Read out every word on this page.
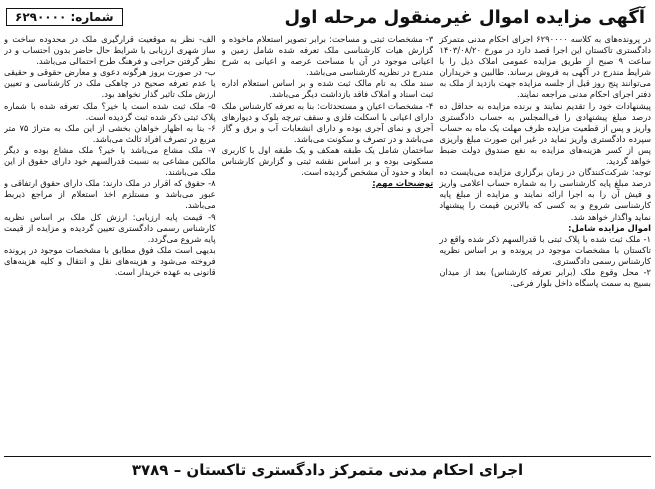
آگهی مزایده اموال غیرمنقول مرحله اول
شماره: ۶۲۹۰۰۰۰

در پرونده‌های به کلاسه ۶۲۹۰۰۰۰ اجرای احکام مدنی متمرکز دادگستری تاکستان این اجرا قصد دارد در مورخ ۱۴۰۳/۰۸/۲۰ ساعت ۹ صبح از طریق مزایده عمومی املاک ذیل را با شرایط مندرج در آگهی به فروش برساند. طالبین و خریداران می‌توانند پنج روز قبل از جلسه مزایده جهت بازدید از ملک به دفتر اجرای احکام مدنی مراجعه نمایند.

پیشنهادات خود را تقدیم نمایند و برنده مزایده به حداقل ده درصد مبلغ پیشنهادی را فی‌المجلس به حساب دادگستری واریز و پس از قطعیت مزایده ظرف مهلت یک ماه به حساب سپرده دادگستری واریز نماید در غیر این صورت مبلغ واریزی پس از کسر هزینه‌های مزایده به نفع صندوق دولت ضبط خواهد گردید.

توجه: شرکت‌کنندگان در زمان برگزاری مزایده می‌بایست ده درصد مبلغ پایه کارشناسی را به شماره حساب اعلامی واریز و فیش آن را به اجرا ارائه نمایند و مزایده از مبلغ پایه کارشناسی شروع و به کسی که بالاترین قیمت را پیشنهاد نماید واگذار خواهد شد.

اموال مزایده شامل:

۱- ملک ثبت شده با پلاک ثبتی با قدرالسهم ذکر شده واقع در تاکستان با مشخصات موجود در پرونده و بر اساس نظریه کارشناس رسمی دادگستری.

۲- محل وقوع ملک (برابر تعرفه کارشناس) بعد از میدان بسیج به سمت پاسگاه داخل بلوار فرعی.

۳- مشخصات ثبتی و مساحت: برابر تصویر استعلام ماخوذه و گزارش هیات کارشناسی ملک تعرفه شده شامل زمین و اعیانی موجود در آن با مساحت عرصه و اعیانی به شرح مندرج در نظریه کارشناسی می‌باشد.

سند ملک به نام مالک ثبت شده و بر اساس استعلام اداره ثبت اسناد و املاک فاقد بازداشت دیگر می‌باشد.

۴- مشخصات اعیان و مستحدثات: بنا به تعرفه کارشناس ملک دارای اعیانی با اسکلت فلزی و سقف تیرچه بلوک و دیوارهای آجری و نمای آجری بوده و دارای انشعابات آب و برق و گاز می‌باشد و در تصرف و سکونت می‌باشد.

ساختمان شامل یک طبقه همکف و یک طبقه اول با کاربری مسکونی بوده و بر اساس نقشه ثبتی و گزارش کارشناس ابعاد و حدود آن مشخص گردیده است.

توضیحات مهم:

الف- نظر به موقعیت قرارگیری ملک در محدوده ساخت و ساز شهری ارزیابی با شرایط حال حاضر بدون احتساب و در نظر گرفتن حراجی و فرهنگ طرح احتمالی می‌باشد.

ب- در صورت بروز هرگونه دعوی و معارض حقوقی و حقیقی یا عدم تعرفه صحیح در چاهکی ملک در کارشناسی و تعیین ارزش ملک تاثیر گذار نخواهد بود.

۵- ملک ثبت شده است یا خیر؟ ملک تعرفه شده با شماره پلاک ثبتی ذکر شده ثبت گردیده است.

۶- بنا به اظهار خواهان بخشی از این ملک به متراژ ۷۵ متر مربع در تصرف افراد ثالث می‌باشد.

۷- ملک مشاع می‌باشد یا خیر؟ ملک مشاع بوده و دیگر مالکین مشاعی به نسبت قدرالسهم خود دارای حقوق از این ملک می‌باشند.

۸- حقوق که اقرار در ملک دارند: ملک دارای حقوق ارتفاقی و عبور می‌باشد و مستلزم اخذ استعلام از مراجع ذیربط می‌باشد.

۹- قیمت پایه ارزیابی: ارزش کل ملک بر اساس نظریه کارشناس رسمی دادگستری تعیین گردیده و مزایده از قیمت پایه شروع می‌گردد.

بدیهی است ملک فوق مطابق با مشخصات موجود در پرونده فروخته می‌شود و هزینه‌های نقل و انتقال و کلیه هزینه‌های قانونی به عهده خریدار است.

اجرای احکام مدنی متمرکز دادگستری تاکستان – ۳۷۸۹
